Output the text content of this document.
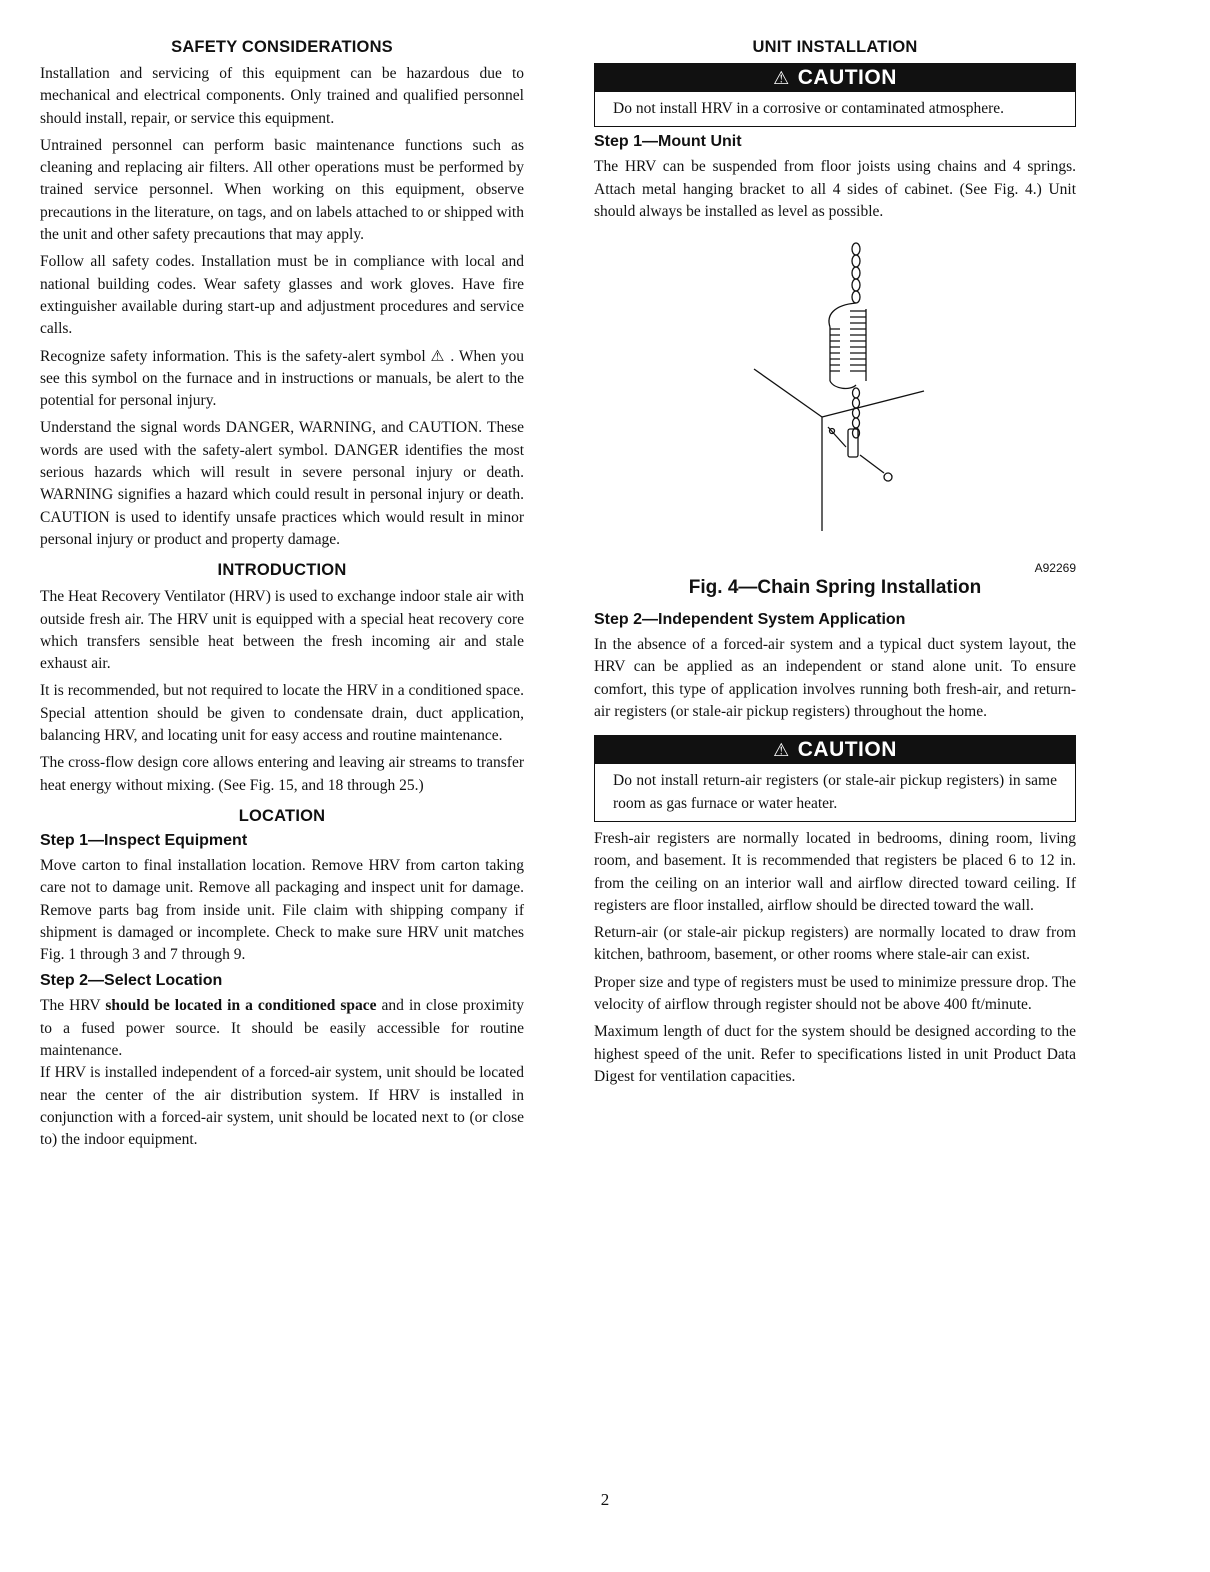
SAFETY CONSIDERATIONS

Installation and servicing of this equipment can be hazardous due to mechanical and electrical components. Only trained and qualified personnel should install, repair, or service this equipment.

Untrained personnel can perform basic maintenance functions such as cleaning and replacing air filters. All other operations must be performed by trained service personnel. When working on this equipment, observe precautions in the literature, on tags, and on labels attached to or shipped with the unit and other safety precautions that may apply.

Follow all safety codes. Installation must be in compliance with local and national building codes. Wear safety glasses and work gloves. Have fire extinguisher available during start-up and adjustment procedures and service calls.

Recognize safety information. This is the safety-alert symbol ⚠ . When you see this symbol on the furnace and in instructions or manuals, be alert to the potential for personal injury.

Understand the signal words DANGER, WARNING, and CAUTION. These words are used with the safety-alert symbol. DANGER identifies the most serious hazards which will result in severe personal injury or death. WARNING signifies a hazard which could result in personal injury or death. CAUTION is used to identify unsafe practices which would result in minor personal injury or product and property damage.

INTRODUCTION

The Heat Recovery Ventilator (HRV) is used to exchange indoor stale air with outside fresh air. The HRV unit is equipped with a special heat recovery core which transfers sensible heat between the fresh incoming air and stale exhaust air.

It is recommended, but not required to locate the HRV in a conditioned space. Special attention should be given to condensate drain, duct application, balancing HRV, and locating unit for easy access and routine maintenance.

The cross-flow design core allows entering and leaving air streams to transfer heat energy without mixing. (See Fig. 15, and 18 through 25.)

LOCATION
Step 1—Inspect Equipment

Move carton to final installation location. Remove HRV from carton taking care not to damage unit. Remove all packaging and inspect unit for damage. Remove parts bag from inside unit. File claim with shipping company if shipment is damaged or incomplete. Check to make sure HRV unit matches Fig. 1 through 3 and 7 through 9.

Step 2—Select Location

The HRV should be located in a conditioned space and in close proximity to a fused power source. It should be easily accessible for routine maintenance.

If HRV is installed independent of a forced-air system, unit should be located near the center of the air distribution system. If HRV is installed in conjunction with a forced-air system, unit should be located next to (or close to) the indoor equipment.

UNIT INSTALLATION
⚠ CAUTION

Do not install HRV in a corrosive or contaminated atmosphere.

Step 1—Mount Unit

The HRV can be suspended from floor joists using chains and 4 springs. Attach metal hanging bracket to all 4 sides of cabinet. (See Fig. 4.) Unit should always be installed as level as possible.

A92269
Fig. 4—Chain Spring Installation
Step 2—Independent System Application

In the absence of a forced-air system and a typical duct system layout, the HRV can be applied as an independent or stand alone unit. To ensure comfort, this type of application involves running both fresh-air, and return-air registers (or stale-air pickup registers) throughout the home.

⚠ CAUTION

Do not install return-air registers (or stale-air pickup registers) in same room as gas furnace or water heater.

Fresh-air registers are normally located in bedrooms, dining room, living room, and basement. It is recommended that registers be placed 6 to 12 in. from the ceiling on an interior wall and airflow directed toward ceiling. If registers are floor installed, airflow should be directed toward the wall.

Return-air (or stale-air pickup registers) are normally located to draw from kitchen, bathroom, basement, or other rooms where stale-air can exist.

Proper size and type of registers must be used to minimize pressure drop. The velocity of airflow through register should not be above 400 ft/minute.

Maximum length of duct for the system should be designed according to the highest speed of the unit. Refer to specifications listed in unit Product Data Digest for ventilation capacities.

2
